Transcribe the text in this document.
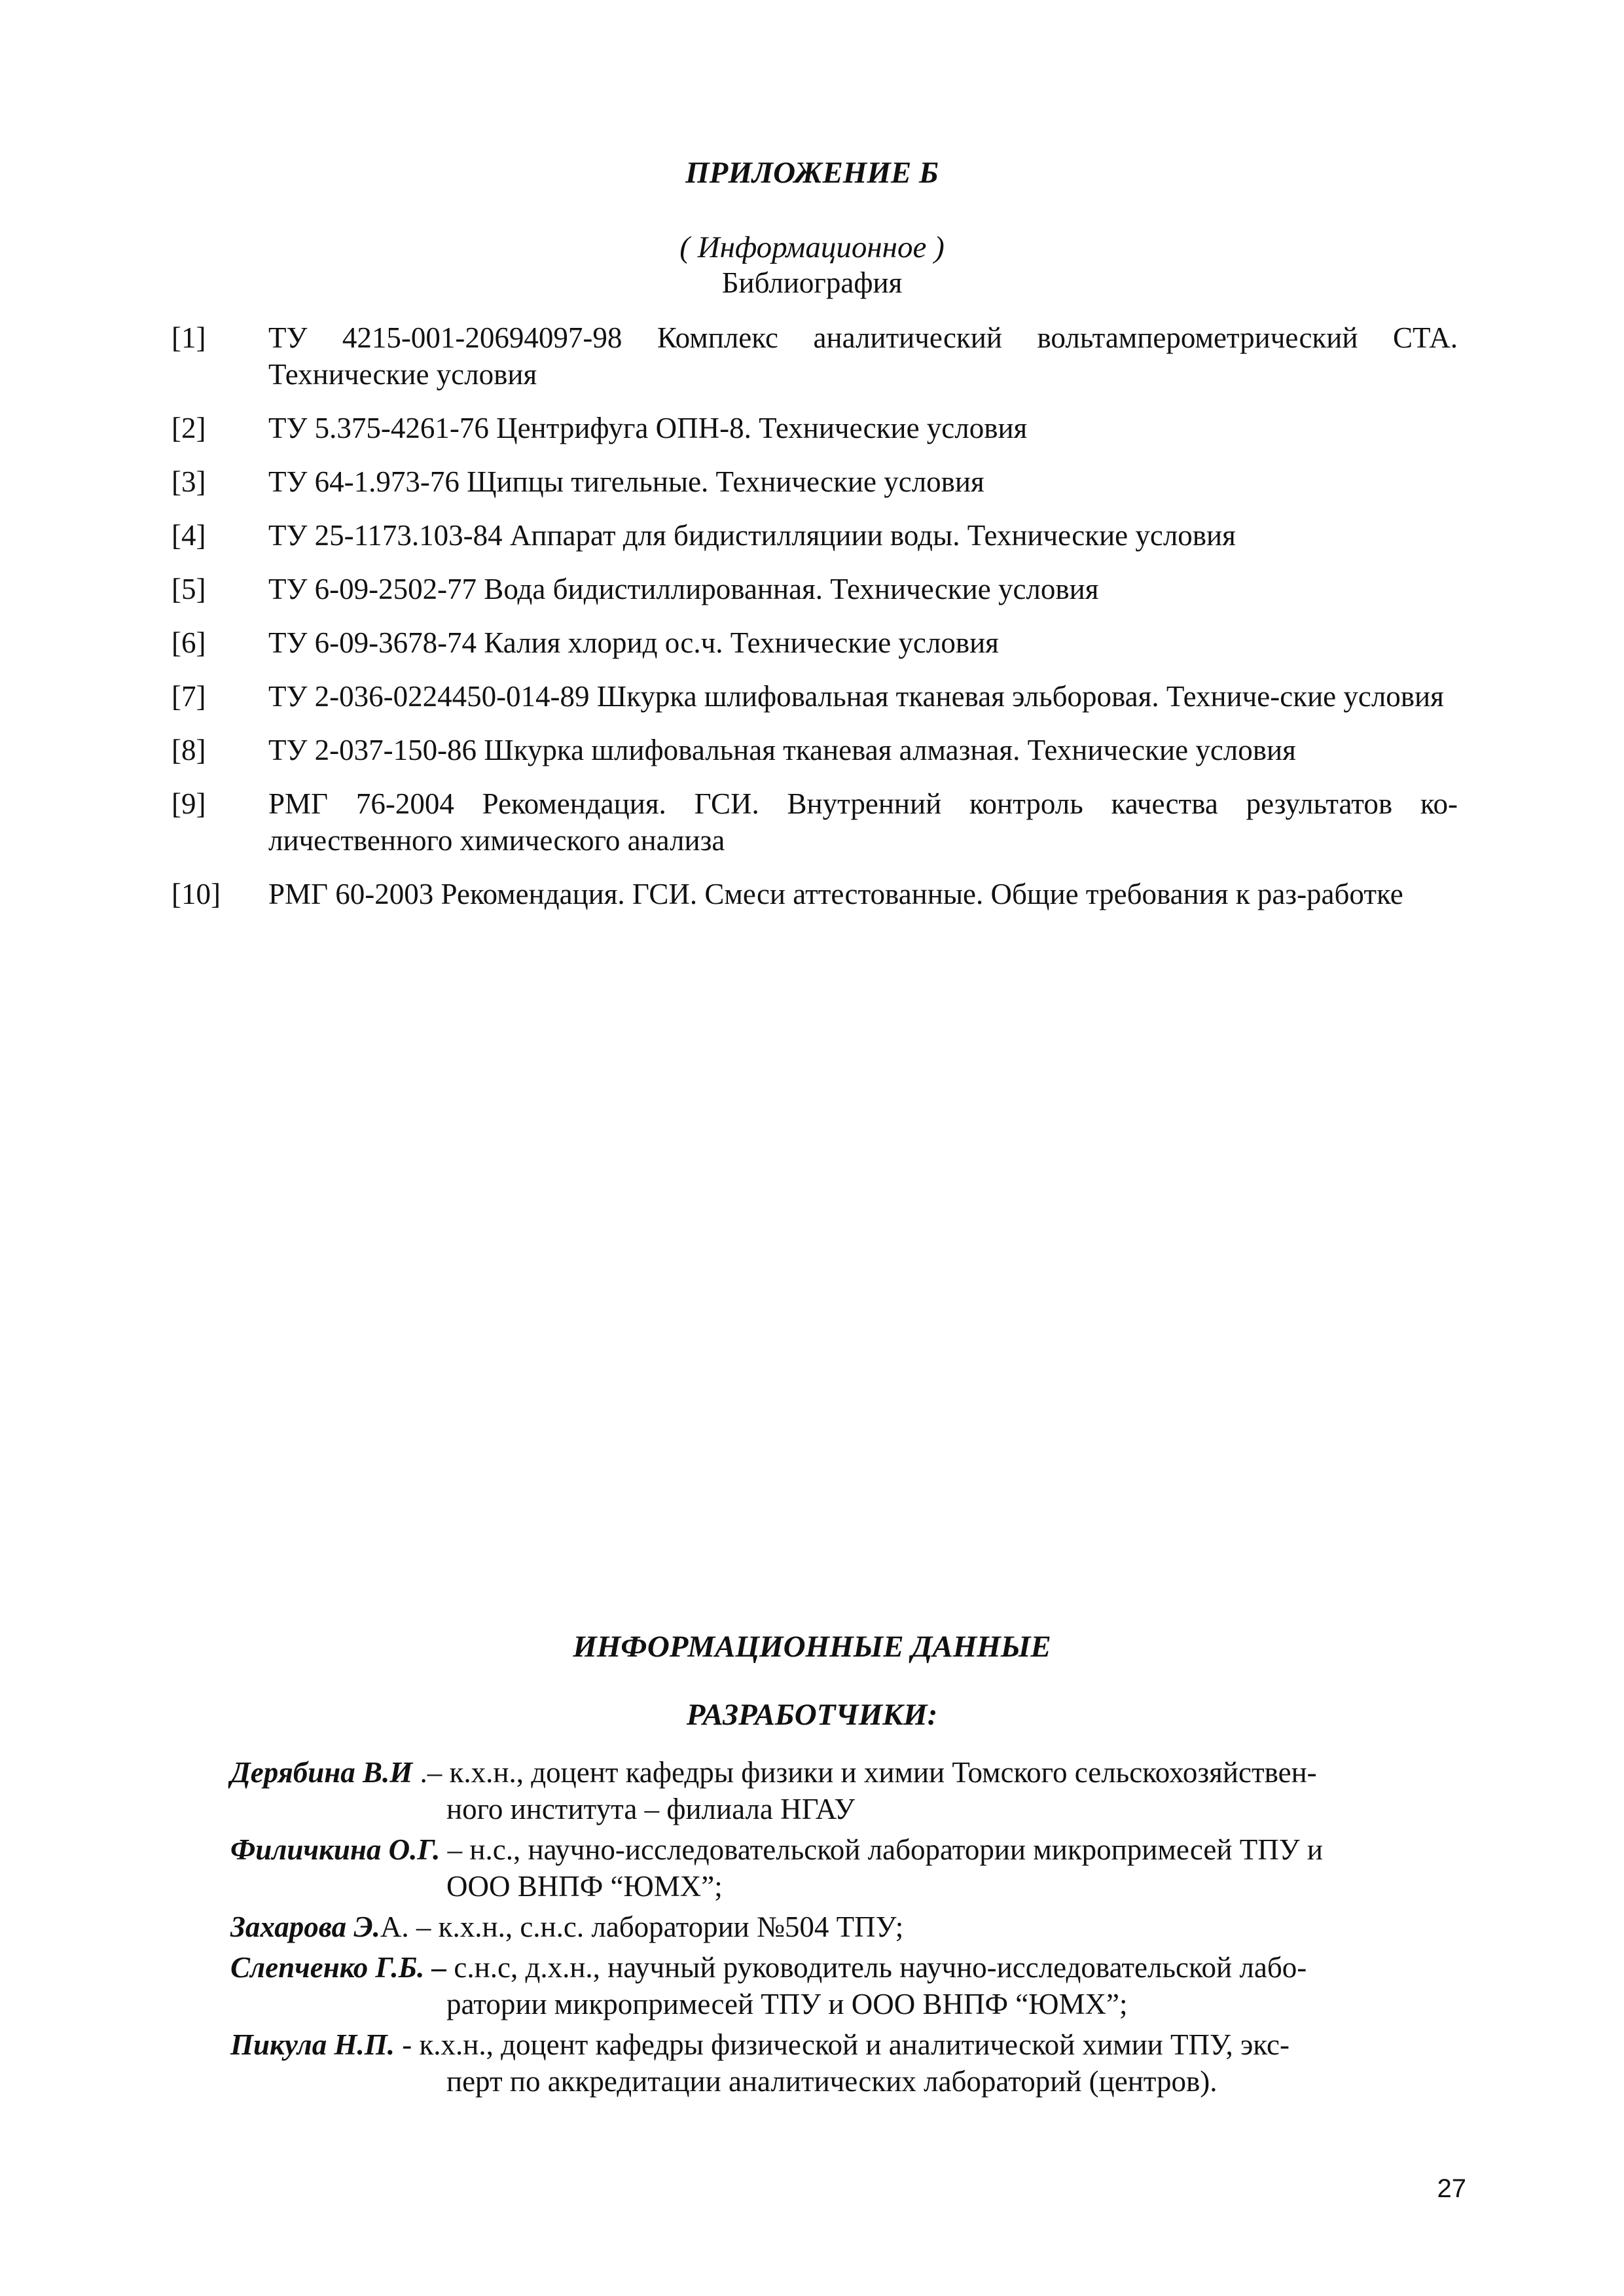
ПРИЛОЖЕНИЕ Б
( Информационное )
Библиография
[1]	ТУ 4215-001-20694097-98 Комплекс аналитический вольтамперометрический СТА. Технические условия
[2]	ТУ 5.375-4261-76 Центрифуга ОПН-8. Технические условия
[3]	ТУ 64-1.973-76 Щипцы тигельные. Технические условия
[4]	ТУ 25-1173.103-84 Аппарат для бидистилляциии воды. Технические условия
[5]	ТУ 6-09-2502-77 Вода бидистиллированная. Технические условия
[6]	ТУ 6-09-3678-74 Калия хлорид ос.ч. Технические условия
[7]	ТУ 2-036-0224450-014-89 Шкурка шлифовальная тканевая эльборовая. Техниче-ские условия
[8]	ТУ 2-037-150-86 Шкурка шлифовальная тканевая алмазная. Технические условия
[9]	РМГ 76-2004 Рекомендация. ГСИ. Внутренний контроль качества результатов ко-личественного химического анализа
[10]	РМГ 60-2003 Рекомендация. ГСИ. Смеси аттестованные. Общие требования к раз-работке
ИНФОРМАЦИОННЫЕ ДАННЫЕ
РАЗРАБОТЧИКИ:
Дерябина В.И .– к.х.н., доцент кафедры физики и химии Томского сельскохозяйствен-
ного института – филиала НГАУ
Филичкина О.Г. – н.с., научно-исследовательской лаборатории микропримесей ТПУ и
ООО ВНПФ “ЮМХ”;
Захарова Э.А. – к.х.н., с.н.с. лаборатории №504 ТПУ;
Слепченко Г.Б. – с.н.с, д.х.н., научный руководитель научно-исследовательской лабо-
ратории микропримесей ТПУ и ООО ВНПФ “ЮМХ”;
Пикула Н.П. - к.х.н., доцент кафедры физической и аналитической химии ТПУ, экс-
перт по аккредитации аналитических лабораторий (центров).
27
